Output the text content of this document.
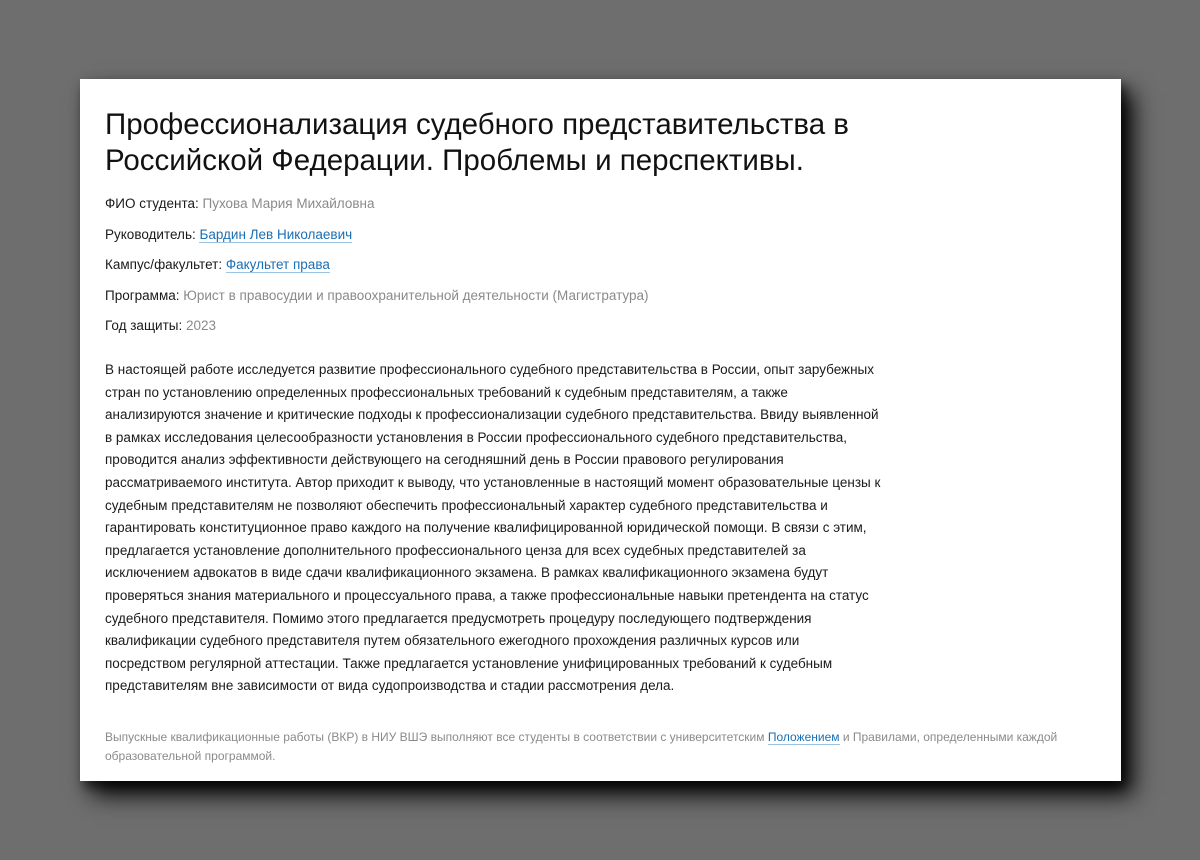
Профессионализация судебного представительства в Российской Федерации. Проблемы и перспективы.
ФИО студента: Пухова Мария Михайловна
Руководитель: Бардин Лев Николаевич
Кампус/факультет: Факультет права
Программа: Юрист в правосудии и правоохранительной деятельности (Магистратура)
Год защиты: 2023
В настоящей работе исследуется развитие профессионального судебного представительства в России, опыт зарубежных
стран по установлению определенных профессиональных требований к судебным представителям, а также
анализируются значение и критические подходы к профессионализации судебного представительства. Ввиду выявленной
в рамках исследования целесообразности установления в России профессионального судебного представительства,
проводится анализ эффективности действующего на сегодняшний день в России правового регулирования
рассматриваемого института. Автор приходит к выводу, что установленные в настоящий момент образовательные цензы к
судебным представителям не позволяют обеспечить профессиональный характер судебного представительства и
гарантировать конституционное право каждого на получение квалифицированной юридической помощи. В связи с этим,
предлагается установление дополнительного профессионального ценза для всех судебных представителей за
исключением адвокатов в виде сдачи квалификационного экзамена. В рамках квалификационного экзамена будут
проверяться знания материального и процессуального права, а также профессиональные навыки претендента на статус
судебного представителя. Помимо этого предлагается предусмотреть процедуру последующего подтверждения
квалификации судебного представителя путем обязательного ежегодного прохождения различных курсов или
посредством регулярной аттестации. Также предлагается установление унифицированных требований к судебным
представителям вне зависимости от вида судопроизводства и стадии рассмотрения дела.
Выпускные квалификационные работы (ВКР) в НИУ ВШЭ выполняют все студенты в соответствии с университетским Положением и Правилами, определенными каждой образовательной программой.
